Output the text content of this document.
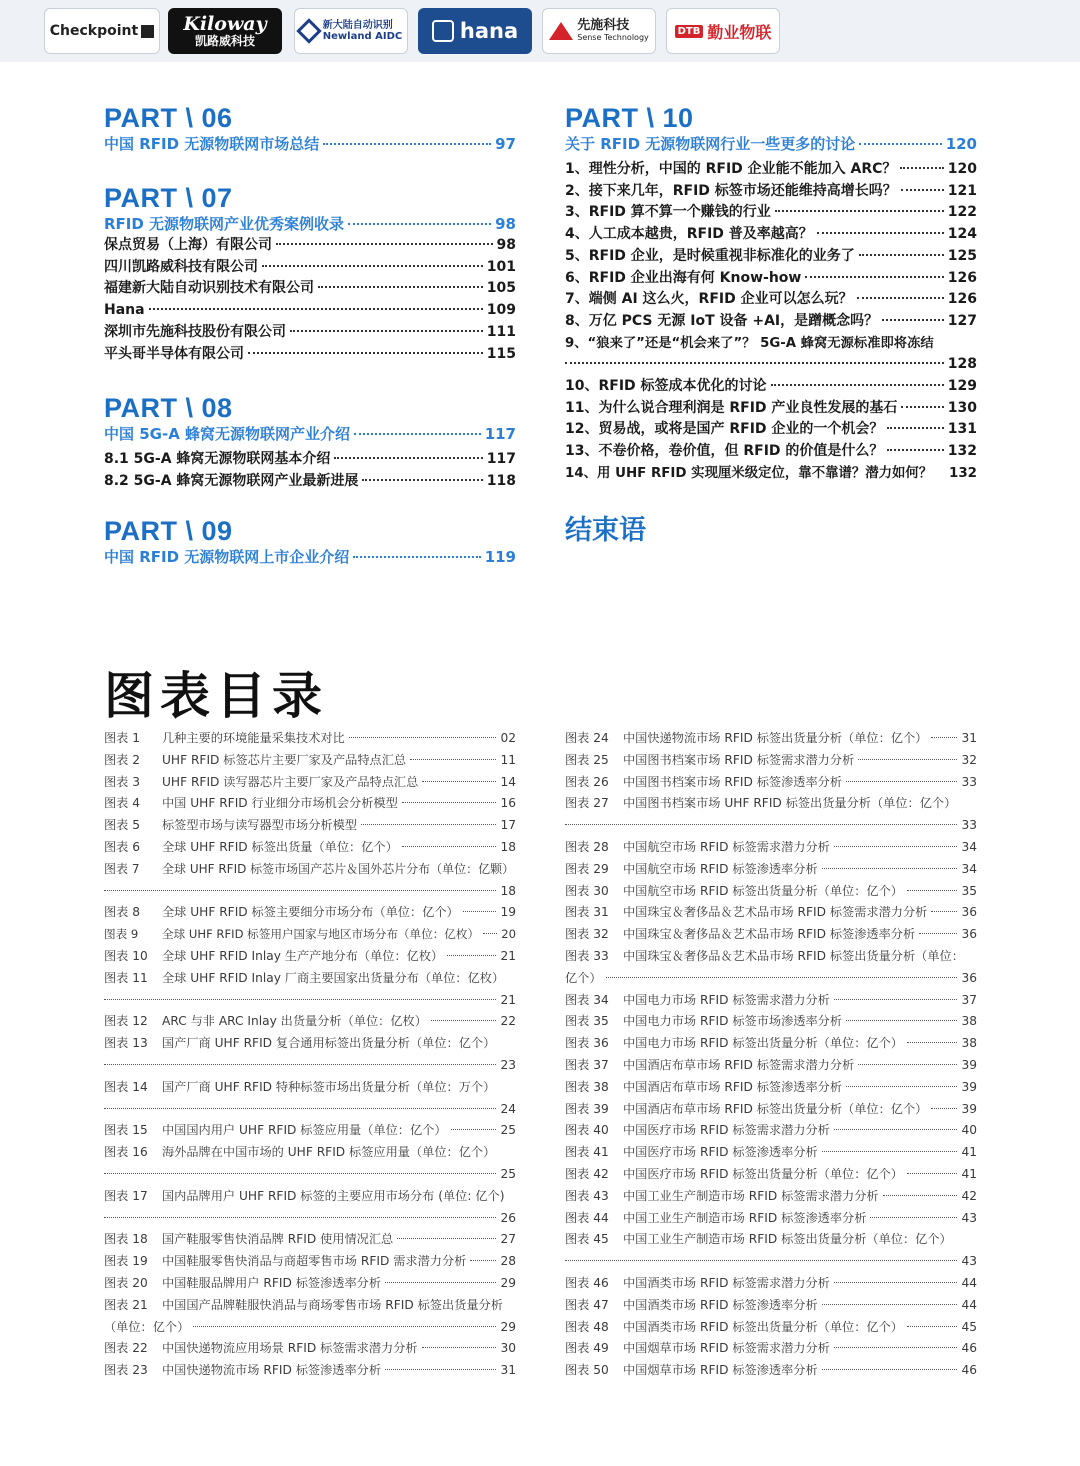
Checkpoint Kiloway
凯路威科技
新大陆自动识别
Newland AIDC	hana	先施科技
Sense Technology
DTB 勤业物联
PART \ 06
中国 RFID 无源物联网市场总结	97
PART \ 07
RFID 无源物联网产业优秀案例收录	98
保点贸易（上海）有限公司	98
四川凯路威科技有限公司	101
福建新大陆自动识别技术有限公司	105
Hana	109
深圳市先施科技股份有限公司	111
平头哥半导体有限公司	115
PART \ 08
中国 5G-A 蜂窝无源物联网产业介绍	117
8.1 5G-A 蜂窝无源物联网基本介绍	117
8.2 5G-A 蜂窝无源物联网产业最新进展	118
PART \ 09
中国 RFID 无源物联网上市企业介绍	119
PART \ 10
关于 RFID 无源物联网行业一些更多的讨论	120
1、理性分析，中国的 RFID 企业能不能加入 ARC？	120
2、接下来几年，RFID 标签市场还能维持高增长吗？	121
3、RFID 算不算一个赚钱的行业	122
4、人工成本越贵，RFID 普及率越高？	124
5、RFID 企业，是时候重视非标准化的业务了	125
6、RFID 企业出海有何 Know-how	126
7、端侧 AI 这么火，RFID 企业可以怎么玩？	126
8、万亿 PCS 无源 IoT 设备 +AI，是蹭概念吗？	127
9、“狼来了”还是“机会来了”？ 5G-A 蜂窝无源标准即将冻结
128
10、RFID 标签成本优化的讨论	129
11、为什么说合理利润是 RFID 产业良性发展的基石	130
12、贸易战，或将是国产 RFID 企业的一个机会？	131
13、不卷价格，卷价值，但 RFID 的价值是什么？	132
14、用 UHF RFID 实现厘米级定位，靠不靠谱？潜力如何？ 132
结束语
图表目录
图表 1	几种主要的环境能量采集技术对比	02
图表 2	UHF RFID 标签芯片主要厂家及产品特点汇总	11
图表 3	UHF RFID 读写器芯片主要厂家及产品特点汇总	14
图表 4	中国 UHF RFID 行业细分市场机会分析模型	16
图表 5	标签型市场与读写器型市场分析模型	17
图表 6	全球 UHF RFID 标签出货量（单位：亿个）	18
图表 7	全球 UHF RFID 标签市场国产芯片＆国外芯片分布（单位：亿颗）
18
图表 8	全球 UHF RFID 标签主要细分市场分布（单位：亿个）	19
图表 9	全球 UHF RFID 标签用户国家与地区市场分布（单位：亿枚） 20
图表 10	全球 UHF RFID Inlay 生产产地分布（单位：亿枚）	21
图表 11	全球 UHF RFID Inlay 厂商主要国家出货量分布（单位：亿枚）
21
图表 12	ARC 与非 ARC Inlay 出货量分析（单位：亿枚）	22
图表 13	国产厂商 UHF RFID 复合通用标签出货量分析（单位：亿个）
23
图表 14	国产厂商 UHF RFID 特种标签市场出货量分析（单位：万个）
24
图表 15	中国国内用户 UHF RFID 标签应用量（单位：亿个）	25
图表 16	海外品牌在中国市场的 UHF RFID 标签应用量（单位：亿个）
25
图表 17	国内品牌用户 UHF RFID 标签的主要应用市场分布 (单位: 亿个)
26
图表 18	国产鞋服零售快消品牌 RFID 使用情况汇总	27
图表 19	中国鞋服零售快消品与商超零售市场 RFID 需求潜力分析	28
图表 20	中国鞋服品牌用户 RFID 标签渗透率分析	29
图表 21	中国国产品牌鞋服快消品与商场零售市场 RFID 标签出货量分析
（单位：亿个）	29
图表 22	中国快递物流应用场景 RFID 标签需求潜力分析	30
图表 23	中国快递物流市场 RFID 标签渗透率分析	31
图表 24	中国快递物流市场 RFID 标签出货量分析（单位：亿个）	31
图表 25	中国图书档案市场 RFID 标签需求潜力分析	32
图表 26	中国图书档案市场 RFID 标签渗透率分析	33
图表 27	中国图书档案市场 UHF RFID 标签出货量分析（单位：亿个）
33
图表 28	中国航空市场 RFID 标签需求潜力分析	34
图表 29	中国航空市场 RFID 标签渗透率分析	34
图表 30	中国航空市场 RFID 标签出货量分析（单位：亿个）	35
图表 31	中国珠宝＆奢侈品＆艺术品市场 RFID 标签需求潜力分析	36
图表 32	中国珠宝＆奢侈品＆艺术品市场 RFID 标签渗透率分析	36
图表 33	中国珠宝＆奢侈品＆艺术品市场 RFID 标签出货量分析（单位：
亿个）	36
图表 34	中国电力市场 RFID 标签需求潜力分析	37
图表 35	中国电力市场 RFID 标签市场渗透率分析	38
图表 36	中国电力市场 RFID 标签出货量分析（单位：亿个）	38
图表 37	中国酒店布草市场 RFID 标签需求潜力分析	39
图表 38	中国酒店布草市场 RFID 标签渗透率分析	39
图表 39	中国酒店布草市场 RFID 标签出货量分析（单位：亿个）	39
图表 40	中国医疗市场 RFID 标签需求潜力分析	40
图表 41	中国医疗市场 RFID 标签渗透率分析	41
图表 42	中国医疗市场 RFID 标签出货量分析（单位：亿个）	41
图表 43	中国工业生产制造市场 RFID 标签需求潜力分析	42
图表 44	中国工业生产制造市场 RFID 标签渗透率分析	43
图表 45	中国工业生产制造市场 RFID 标签出货量分析（单位：亿个）
43
图表 46	中国酒类市场 RFID 标签需求潜力分析	44
图表 47	中国酒类市场 RFID 标签渗透率分析	44
图表 48	中国酒类市场 RFID 标签出货量分析（单位：亿个）	45
图表 49	中国烟草市场 RFID 标签需求潜力分析	46
图表 50	中国烟草市场 RFID 标签渗透率分析	46
